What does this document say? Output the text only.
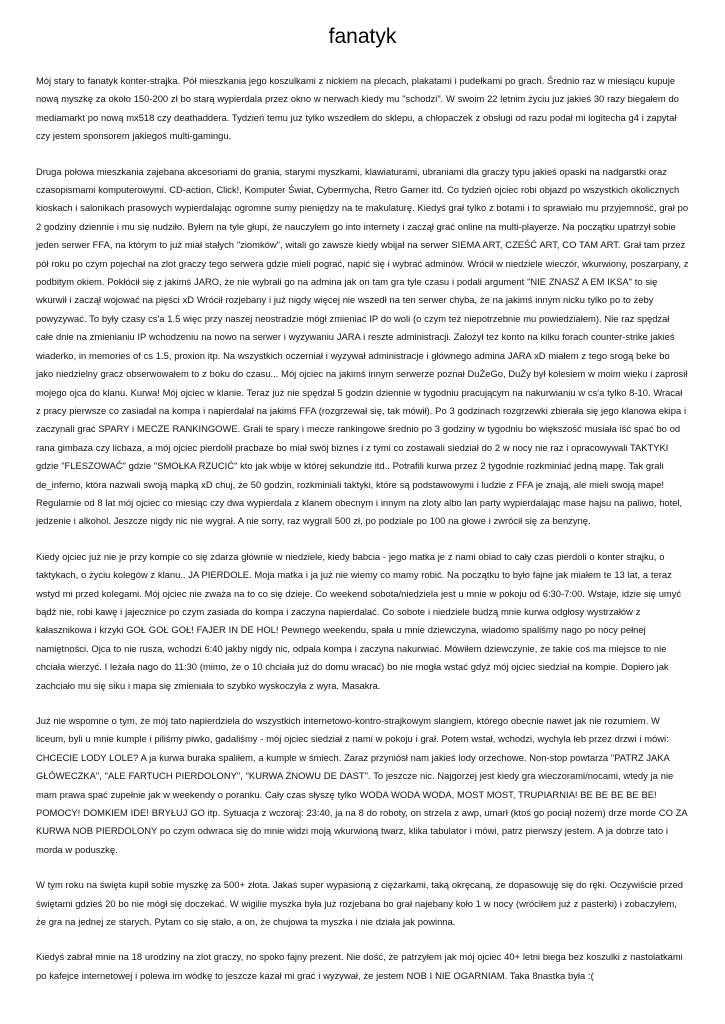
fanatyk

Mój stary to fanatyk konter-strajka. Pół mieszkania jego koszulkami z nickiem na plecach, plakatami i pudełkami po grach. Średnio raz w miesiącu kupuje nową myszkę za około 150-200 zł bo starą wypierdala przez okno w nerwach kiedy mu "schodzi". W swoim 22 letnim życiu juz jakieś 30 razy biegałem do mediamarkt po nową mx518 czy deathaddera. Tydzień temu juz tylko wszedłem do sklepu, a chłopaczek z obsługi od razu podał mi logitecha g4 i zapytał czy jestem sponsorem jakiegoś multi-gamingu.

Druga połowa mieszkania zajebana akcesoriami do grania, starymi myszkami, klawiaturami, ubraniami dla graczy typu jakieś opaski na nadgarstki oraz czasopismami komputerowymi. CD-action, Click!, Komputer Świat, Cybermycha, Retro Gamer itd. Co tydzień ojciec robi objazd po wszystkich okolicznych kioskach i salonikach prasowych wypierdalając ogromne sumy pieniędzy na te makulaturę. Kiedyś grał tylko z botami i to sprawiało mu przyjemność, grał po 2 godziny dziennie i mu się nudziło. Byłem na tyle głupi, że nauczyłem go into internety i zaczął grać online na multi-playerze. Na początku upatrzył sobie jeden serwer FFA, na którym to już miał stałych "ziomków", witali go zawsze kiedy wbijał na serwer SIEMA ART, CZEŚĆ ART, CO TAM ART. Grał tam przez pół roku po czym pojechał na zlot graczy tego serwera gdzie mieli pograć, napić się i wybrać adminów. Wrócił w niedziele wieczór, wkurwiony, poszarpany, z podbitym okiem. Pokłócił się z jakimś JARO, że nie wybrali go na admina jak on tam gra tyle czasu i podali argument "NIE ZNASZ A EM IKSA" to się wkurwił i zaczął wojować na pięści xD Wrócił rozjebany i już nigdy więcej nie wszedł na ten serwer chyba, że na jakimś innym nicku tylko po to żeby powyzywać. To były czasy cs'a 1.5 więc przy naszej neostradzie mógł zmieniać IP do woli (o czym też niepotrzebnie mu powiedziałem). Nie raz spędzał całe dnie na zmienianiu IP wchodzeniu na nowo na serwer i wyzywaniu JARA i reszte administracji. Założył tez konto na kilku forach counter-strike jakieś wiaderko, in memories of cs 1.5, proxion itp. Na wszystkich oczerniał i wyzywał administracje i głównego admina JARA xD miałem z tego srogą beke bo jako niedzielny gracz obserwowałem to z boku do czasu... Mój ojciec na jakimś innym serwerze poznał DuŻeGo, DuŻy był kolesiem w moim wieku i zaprosił mojego ojca do klanu. Kurwa! Mój ojciec w klanie. Teraz już nie spędzał 5 godzin dziennie w tygodniu pracującym na nakurwianiu w cs'a tylko 8-10. Wracał z pracy pierwsze co zasiadał na kompa i napierdalał na jakimś FFA (rozgrzewał się, tak mówił). Po 3 godzinach rozgrzewki zbierała się jego klanowa ekipa i zaczynali grać SPARY i MECZE RANKINGOWE. Grali te spary i mecze rankingowe średnio po 3 godziny w tygodniu bo większość musiała iść spać bo od rana gimbaza czy licbaza, a mój ojciec pierdolił pracbaze bo miał swój biznes i z tymi co zostawali siedział do 2 w nocy nie raz i opracowywali TAKTYKI gdzie "FLESZOWAĆ" gdzie "SMOŁKA RZUCIĆ" kto jak wbije w której sekundzie itd.. Potrafili kurwa przez 2 tygodnie rozkminiać jedną mapę. Tak grali de_inferno, która nazwali swoją mapką xD chuj, że 50 godzin, rozkminiali taktyki, które są podstawowymi i ludzie z FFA je znają, ale mieli swoją mape! Regularnie od 8 lat mój ojciec co miesiąc czy dwa wypierdala z klanem obecnym i innym na zloty albo lan party wypierdalając mase hajsu na paliwo, hotel, jedzenie i alkohol. Jeszcze nigdy nic nie wygrał. A nie sorry, raz wygrali 500 zł, po podziale po 100 na głowe i zwrócił się za benzynę.

Kiedy ojciec już nie je przy kompie co się zdarza głównie w niedziele, kiedy babcia - jego matka je z nami obiad to cały czas pierdoli o konter strajku, o taktykach, o życiu kolegów z klanu.. JA PIERDOLE. Moja matka i ja już nie wiemy co mamy robić. Na początku to było fajne jak miałem te 13 lat, a teraz wstyd mi przed kolegami. Mój ojciec nie zważa na to co się dzieje. Co weekend sobota/niedziela jest u mnie w pokoju od 6:30-7:00. Wstaje, idzie się umyć bądź nie, robi kawę i jajecznice po czym zasiada do kompa i zaczyna napierdalać. Co sobote i niedziele budzą mnie kurwa odgłosy wystrzałów z kałasznikowa i krzyki GOŁ GOŁ GOŁ! FAJER IN DE HOL! Pewnego weekendu, spała u mnie dziewczyna, wiadomo spaliśmy nago po nocy pełnej namiętności. Ojca to nie rusza, wchodzi 6:40 jakby nigdy nic, odpala kompa i zaczyna nakurwiać. Mówiłem dziewczynie, że takie coś ma miejsce to nie chciała wierzyć. I leżała nago do 11:30 (mimo, że o 10 chciała już do domu wracać) bo nie mogła wstać gdyż mój ojciec siedział na kompie. Dopiero jak zachciało mu się siku i mapa się zmieniała to szybko wyskoczyła z wyra. Masakra.

Już nie wspomne o tym, że mój tato napierdziela do wszystkich internetowo-kontro-strajkowym slangiem, którego obecnie nawet jak nie rozumiem. W liceum, byli u mnie kumple i piliśmy piwko, gadaliśmy - mój ojciec siedział z nami w pokoju i grał. Potem wstał, wchodzi, wychyla łeb przez drzwi i mówi: CHCECIE LODY LOLE? A ja kurwa buraka spaliłem, a kumple w śmiech. Zaraz przyniósł nam jakieś lody orzechowe. Non-stop powtarza "PATRZ JAKA GŁÓWECZKA", "ALE FARTUCH PIERDOLONY", "KURWA ZNOWU DE DAST". To jeszcze nic. Najgorzej jest kiedy gra wieczorami/nocami, wtedy ja nie mam prawa spać zupełnie jak w weekendy o poranku. Cały czas słyszę tylko WODA WODA WODA, MOST MOST, TRUPIARNIA! BE BE BE BE BE! POMOCY! DOMKIEM IDE! BRYŁUJ GO itp. Sytuacja z wczoraj: 23:40, ja na 8 do roboty, on strzela z awp, umarł (ktoś go pociął nożem) drze morde CO ZA KURWA NOB PIERDOLONY po czym odwraca się do mnie widzi moją wkurwioną twarz, klika tabulator i mówi, patrz pierwszy jestem. A ja dobrze tato i morda w poduszkę.

W tym roku na święta kupił sobie myszkę za 500+ złota. Jakaś super wypasioną z ciężarkami, taką okręcaną, że dopasowuję się do ręki. Oczywiście przed świętami gdzieś 20 bo nie mógł się doczekać. W wigilie myszka była już rozjebana bo grał najebany koło 1 w nocy (wróciłem już z pasterki) i zobaczyłem, że gra na jednej ze starych. Pytam co się stało, a on, że chujowa ta myszka i nie działa jak powinna.

Kiedyś zabrał mnie na 18 urodziny na zlot graczy, no spoko fajny prezent. Nie dość, że patrzyłem jak mój ojciec 40+ letni biega bez koszulki z nastolatkami po kafejce internetowej i polewa im wódkę to jeszcze kazał mi grać i wyzywał, że jestem NOB I NIE OGARNIAM. Taka 8nastka była :(
